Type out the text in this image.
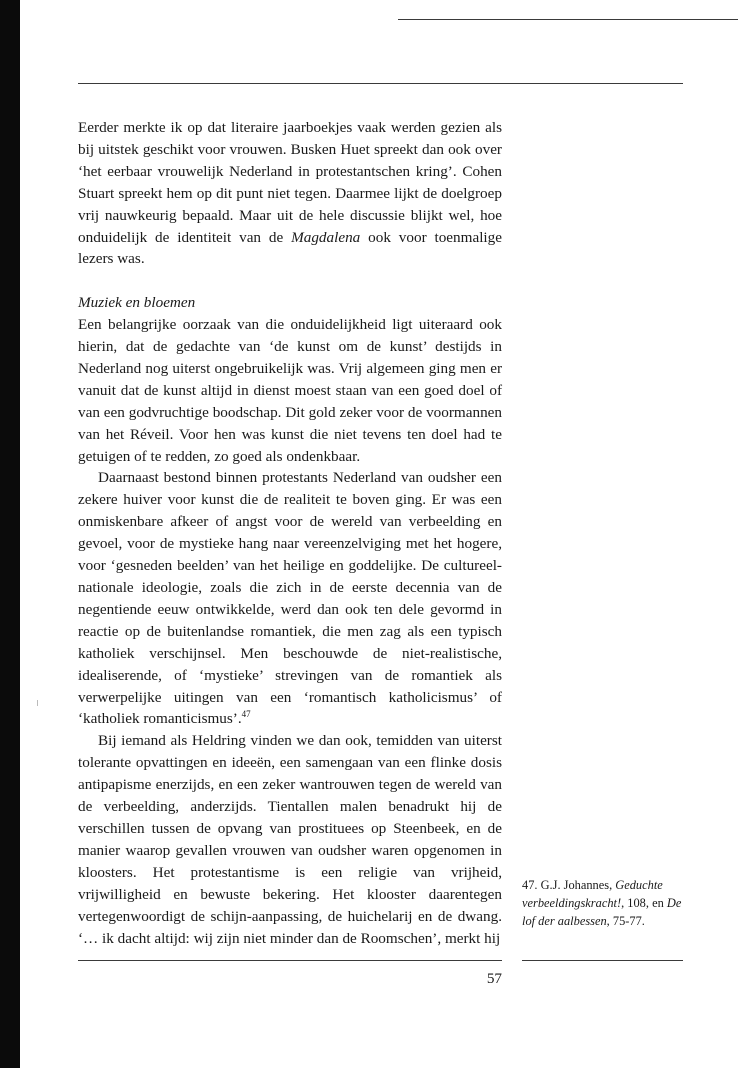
Eerder merkte ik op dat literaire jaarboekjes vaak werden gezien als bij uitstek geschikt voor vrouwen. Busken Huet spreekt dan ook over ‘het eerbaar vrouwelijk Nederland in protestantschen kring’. Cohen Stuart spreekt hem op dit punt niet tegen. Daarmee lijkt de doelgroep vrij nauwkeurig bepaald. Maar uit de hele discussie blijkt wel, hoe onduidelijk de identiteit van de Magdalena ook voor toenmalige lezers was.

Muziek en bloemen

Een belangrijke oorzaak van die onduidelijkheid ligt uiteraard ook hierin, dat de gedachte van ‘de kunst om de kunst’ destijds in Nederland nog uiterst ongebruikelijk was. Vrij algemeen ging men er vanuit dat de kunst altijd in dienst moest staan van een goed doel of van een godvruchtige boodschap. Dit gold zeker voor de voormannen van het Réveil. Voor hen was kunst die niet tevens ten doel had te getuigen of te redden, zo goed als ondenkbaar.

Daarnaast bestond binnen protestants Nederland van oudsher een zekere huiver voor kunst die de realiteit te boven ging. Er was een onmiskenbare afkeer of angst voor de wereld van verbeelding en gevoel, voor de mystieke hang naar vereenzelviging met het hogere, voor ‘gesneden beelden’ van het heilige en goddelijke. De cultureel-nationale ideologie, zoals die zich in de eerste decennia van de negentiende eeuw ontwikkelde, werd dan ook ten dele gevormd in reactie op de buitenlandse romantiek, die men zag als een typisch katholiek verschijnsel. Men beschouwde de niet-realistische, idealiserende, of ‘mystieke’ strevingen van de romantiek als verwerpelijke uitingen van een ‘romantisch katholicismus’ of ‘katholiek romanticismus’.$^{47}$

Bij iemand als Heldring vinden we dan ook, temidden van uiterst tolerante opvattingen en ideeën, een samengaan van een flinke dosis antipapisme enerzijds, en een zeker wantrouwen tegen de wereld van de verbeelding, anderzijds. Tientallen malen benadrukt hij de verschillen tussen de opvang van prostituees op Steenbeek, en de manier waarop gevallen vrouwen van oudsher waren opgenomen in kloosters. Het protestantisme is een religie van vrijheid, vrijwilligheid en bewuste bekering. Het klooster daarentegen vertegenwoordigt de schijn-aanpassing, de huichelarij en de dwang. ‘… ik dacht altijd: wij zijn niet minder dan de Roomschen’, merkt hij

47. G.J. Johannes, Geduchte verbeeldingskracht!, 108, en De lof der aalbessen, 75-77.
57
